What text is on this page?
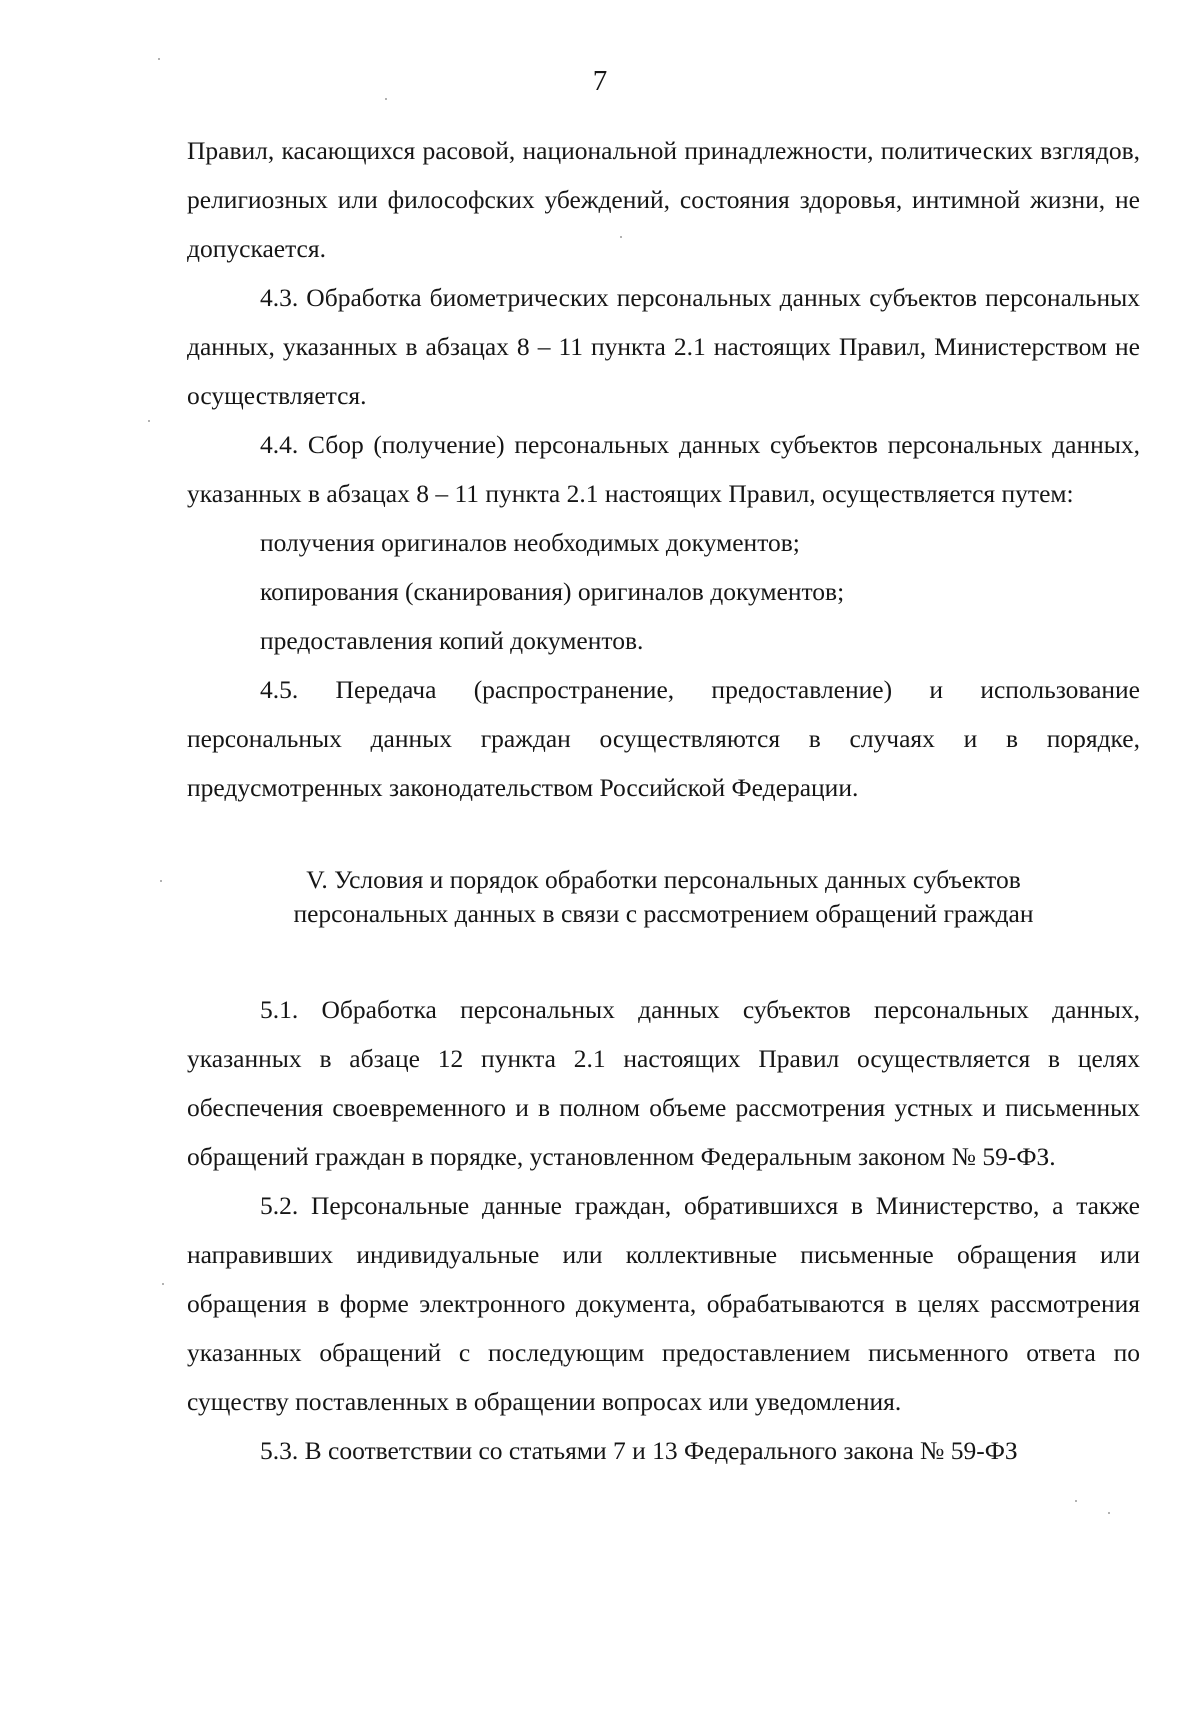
7

Правил, касающихся расовой, национальной принадлежности, политических взглядов, религиозных или философских убеждений, состояния здоровья, интимной жизни, не допускается.

4.3. Обработка биометрических персональных данных субъектов персональных данных, указанных в абзацах 8 – 11 пункта 2.1 настоящих Правил, Министерством не осуществляется.

4.4. Сбор (получение) персональных данных субъектов персональных данных, указанных в абзацах 8 – 11 пункта 2.1 настоящих Правил, осуществляется путем:

получения оригиналов необходимых документов;

копирования (сканирования) оригиналов документов;

предоставления копий документов.

4.5. Передача (распространение, предоставление) и использование персональных данных граждан осуществляются в случаях и в порядке, предусмотренных законодательством Российской Федерации.

V. Условия и порядок обработки персональных данных субъектов
персональных данных в связи с рассмотрением обращений граждан

5.1. Обработка персональных данных субъектов персональных данных, указанных в абзаце 12 пункта 2.1 настоящих Правил осуществляется в целях обеспечения своевременного и в полном объеме рассмотрения устных и письменных обращений граждан в порядке, установленном Федеральным законом № 59-ФЗ.

5.2. Персональные данные граждан, обратившихся в Министерство, а также направивших индивидуальные или коллективные письменные обращения или обращения в форме электронного документа, обрабатываются в целях рассмотрения указанных обращений с последующим предоставлением письменного ответа по существу поставленных в обращении вопросах или уведомления.

5.3. В соответствии со статьями 7 и 13 Федерального закона № 59-ФЗ
